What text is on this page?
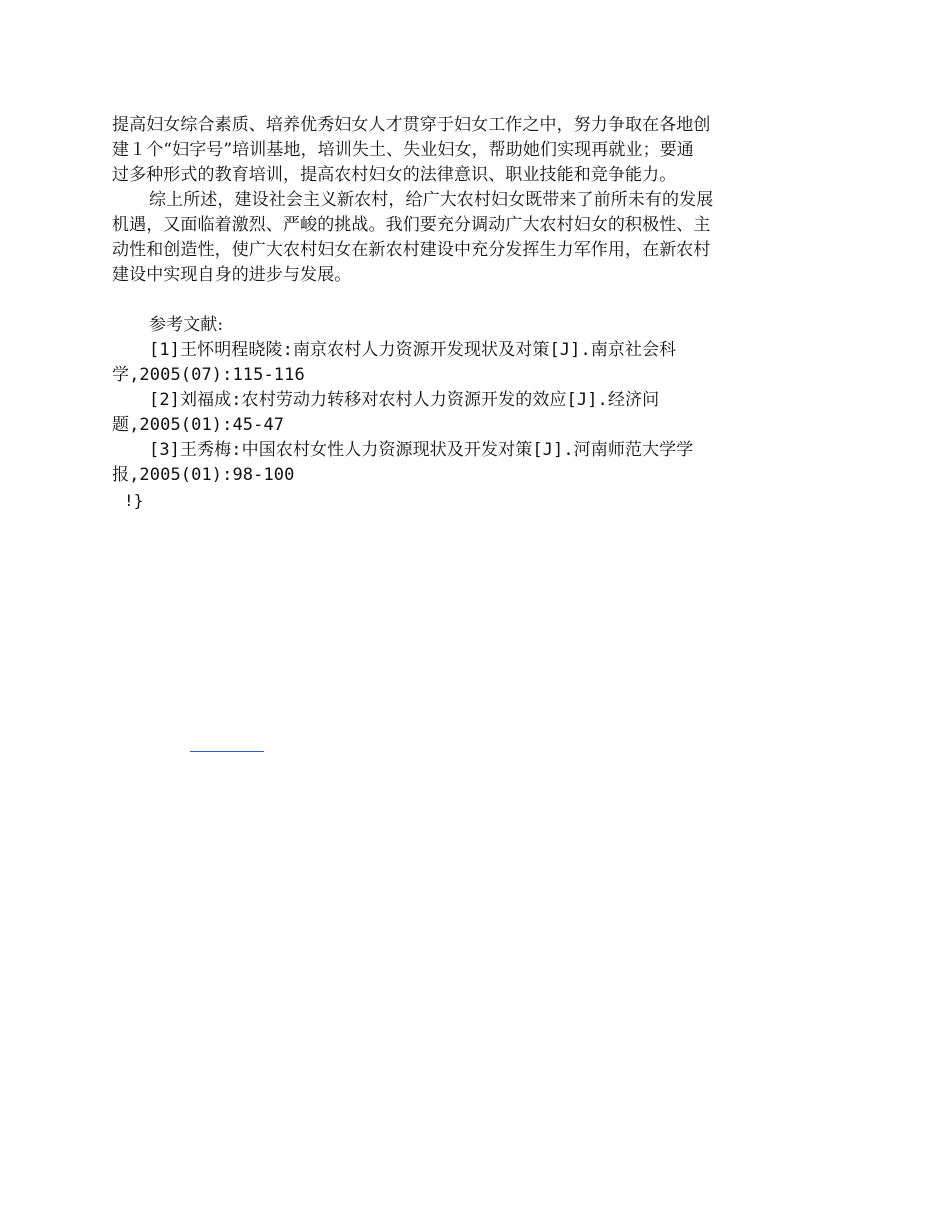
提高妇女综合素质、培养优秀妇女人才贯穿于妇女工作之中，努力争取在各地创
建１个“妇字号”培训基地，培训失土、失业妇女，帮助她们实现再就业；要通
过多种形式的教育培训，提高农村妇女的法律意识、职业技能和竞争能力。
综上所述，建设社会主义新农村，给广大农村妇女既带来了前所未有的发展
机遇，又面临着激烈、严峻的挑战。我们要充分调动广大农村妇女的积极性、主
动性和创造性，使广大农村妇女在新农村建设中充分发挥生力军作用，在新农村
建设中实现自身的进步与发展。
参考文献:
[1]王怀明程晓陵:南京农村人力资源开发现状及对策[J].南京社会科
学,2005(07):115-116
[2]刘福成:农村劳动力转移对农村人力资源开发的效应[J].经济问
题,2005(01):45-47
[3]王秀梅:中国农村女性人力资源现状及开发对策[J].河南师范大学学
报,2005(01):98-100
!}
